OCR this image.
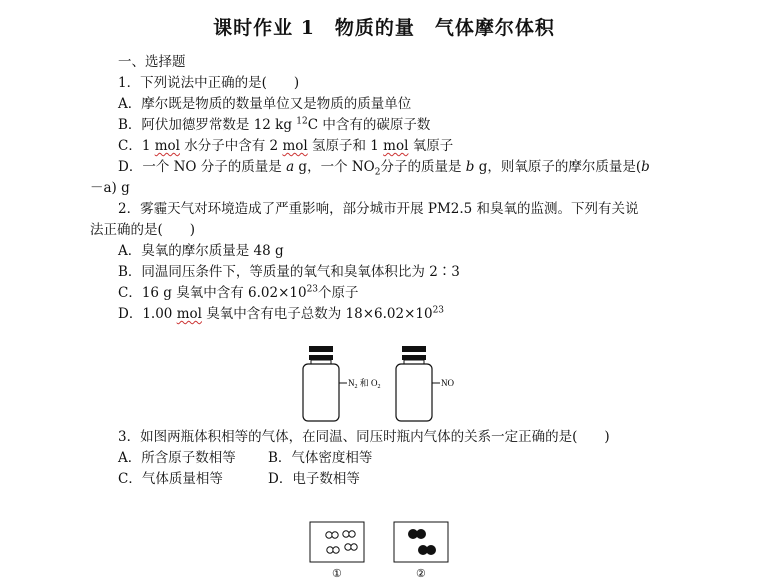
课时作业 1　物质的量　气体摩尔体积
一、选择题
1．下列说法中正确的是(　　)
A．摩尔既是物质的数量单位又是物质的质量单位
B．阿伏加德罗常数是 12 kg $^{12}$C 中含有的碳原子数
C．1 mol 水分子中含有 2 mol 氢原子和 1 mol 氧原子
D．一个 NO 分子的质量是 a g，一个 $NO_2$分子的质量是 b g，则氧原子的摩尔质量是(b
－a) g
2．雾霾天气对环境造成了严重影响，部分城市开展 PM2.5 和臭氧的监测。下列有关说
法正确的是(　　)
A．臭氧的摩尔质量是 48 g
B．同温同压条件下，等质量的氧气和臭氧体积比为 2∶3
C．16 g 臭氧中含有 $6.02\times 10^{23}$个原子
D．1.00 mol 臭氧中含有电子总数为 $18\times 6.02\times 10^{23}$
$N_2$ 和 $O_2$	NO
3．如图两瓶体积相等的气体，在同温、同压时瓶内气体的关系一定正确的是(　　)
A．所含原子数相等 B．气体密度相等
C．气体质量相等	D．电子数相等
①	②
